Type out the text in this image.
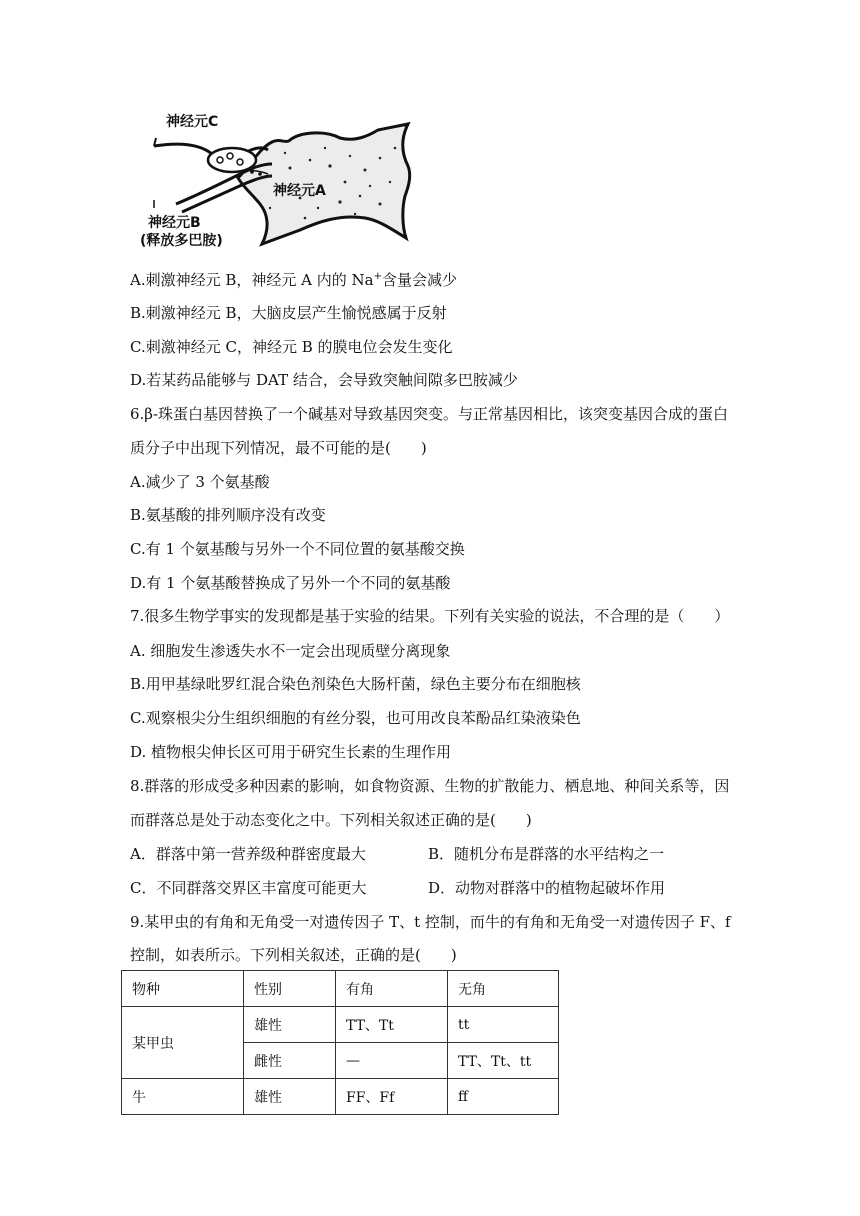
神经元C
神经元A
神经元B
(释放多巴胺)
A.刺激神经元 B，神经元 A 内的 Na+含量会减少
B.刺激神经元 B，大脑皮层产生愉悦感属于反射
C.刺激神经元 C，神经元 B 的膜电位会发生变化
D.若某药品能够与 DAT 结合，会导致突触间隙多巴胺减少
6.β-珠蛋白基因替换了一个碱基对导致基因突变。与正常基因相比，该突变基因合成的蛋白
质分子中出现下列情况，最不可能的是(　　)
A.减少了 3 个氨基酸
B.氨基酸的排列顺序没有改变
C.有 1 个氨基酸与另外一个不同位置的氨基酸交换
D.有 1 个氨基酸替换成了另外一个不同的氨基酸
7.很多生物学事实的发现都是基于实验的结果。下列有关实验的说法，不合理的是（　　）
A. 细胞发生渗透失水不一定会出现质壁分离现象
B.用甲基绿吡罗红混合染色剂染色大肠杆菌，绿色主要分布在细胞核
C.观察根尖分生组织细胞的有丝分裂，也可用改良苯酚品红染液染色
D. 植物根尖伸长区可用于研究生长素的生理作用
8.群落的形成受多种因素的影响，如食物资源、生物的扩散能力、栖息地、种间关系等，因
而群落总是处于动态变化之中。下列相关叙述正确的是(　　)
A．群落中第一营养级种群密度最大	B．随机分布是群落的水平结构之一
C．不同群落交界区丰富度可能更大	D．动物对群落中的植物起破坏作用
9.某甲虫的有角和无角受一对遗传因子 T、t 控制，而牛的有角和无角受一对遗传因子 F、f
控制，如表所示。下列相关叙述，正确的是(　　)
物种	性别	有角	无角
某甲虫	雄性	TT、Tt	tt
	雌性	—	TT、Tt、tt
牛	雄性	FF、Ff	ff
